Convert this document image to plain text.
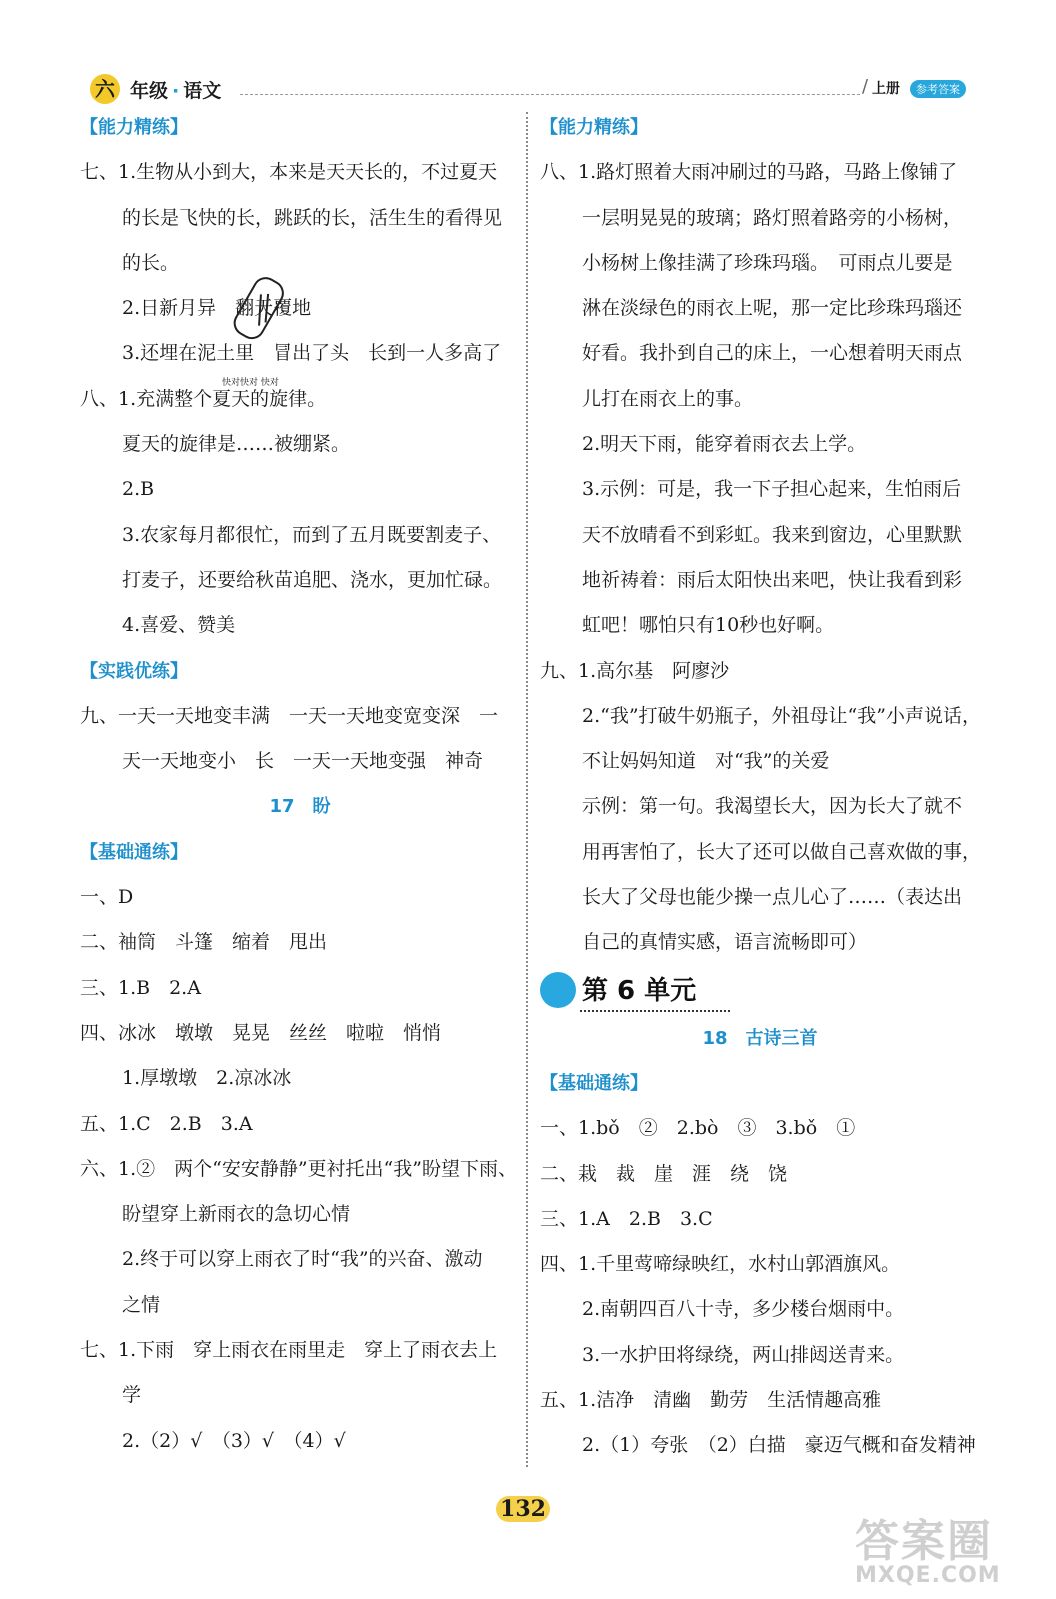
六 年级 · 语文	/ 上册	参考答案
【能力精练】
七、1.生物从小到大，本来是天天长的，不过夏天
的长是飞快的长，跳跃的长，活生生的看得见
的长。
2.日新月异　翻天覆地
3.还埋在泥土里　冒出了头　长到一人多高了
八、1.充满整个夏天的旋律。
夏天的旋律是……被绷紧。
2.B
3.农家每月都很忙，而到了五月既要割麦子、
打麦子，还要给秋苗追肥、浇水，更加忙碌。
4.喜爱、赞美
【实践优练】
九、一天一天地变丰满　一天一天地变宽变深　一
天一天地变小　长　一天一天地变强　神奇
17　盼
【基础通练】
一、D
二、袖筒　斗篷　缩着　甩出
三、1.B　2.A
四、冰冰　墩墩　晃晃　丝丝　啦啦　悄悄
1.厚墩墩　2.凉冰冰
五、1.C　2.B　3.A
六、1.②　两个“安安静静”更衬托出“我”盼望下雨、
盼望穿上新雨衣的急切心情
2.终于可以穿上雨衣了时“我”的兴奋、激动
之情
七、1.下雨　穿上雨衣在雨里走　穿上了雨衣去上
学
2.（2）√　（3）√　（4）√
【能力精练】
八、1.路灯照着大雨冲刷过的马路，马路上像铺了
一层明晃晃的玻璃；路灯照着路旁的小杨树，
小杨树上像挂满了珍珠玛瑙。　可雨点儿要是
淋在淡绿色的雨衣上呢，那一定比珍珠玛瑙还
好看。我扑到自己的床上，一心想着明天雨点
儿打在雨衣上的事。
2.明天下雨，能穿着雨衣去上学。
3.示例：可是，我一下子担心起来，生怕雨后
天不放晴看不到彩虹。我来到窗边，心里默默
地祈祷着：雨后太阳快出来吧，快让我看到彩
虹吧！哪怕只有10秒也好啊。
九、1.高尔基　阿廖沙
2.“我”打破牛奶瓶子，外祖母让“我”小声说话，
不让妈妈知道　对“我”的关爱
示例：第一句。我渴望长大，因为长大了就不
用再害怕了，长大了还可以做自己喜欢做的事，
长大了父母也能少操一点儿心了……（表达出
自己的真情实感，语言流畅即可）
第 6 单元
18　古诗三首
【基础通练】
一、1.bǒ　②　2.bò　③　3.bǒ　①
二、栽　裁　崖　涯　绕　饶
三、1.A　2.B　3.C
四、1.千里莺啼绿映红，水村山郭酒旗风。
2.南朝四百八十寺，多少楼台烟雨中。
3.一水护田将绿绕，两山排闼送青来。
五、1.洁净　清幽　勤劳　生活情趣高雅
2.（1）夸张　（2）白描　豪迈气概和奋发精神
快对快对 快对
132
答案圈
MXQE.COM
